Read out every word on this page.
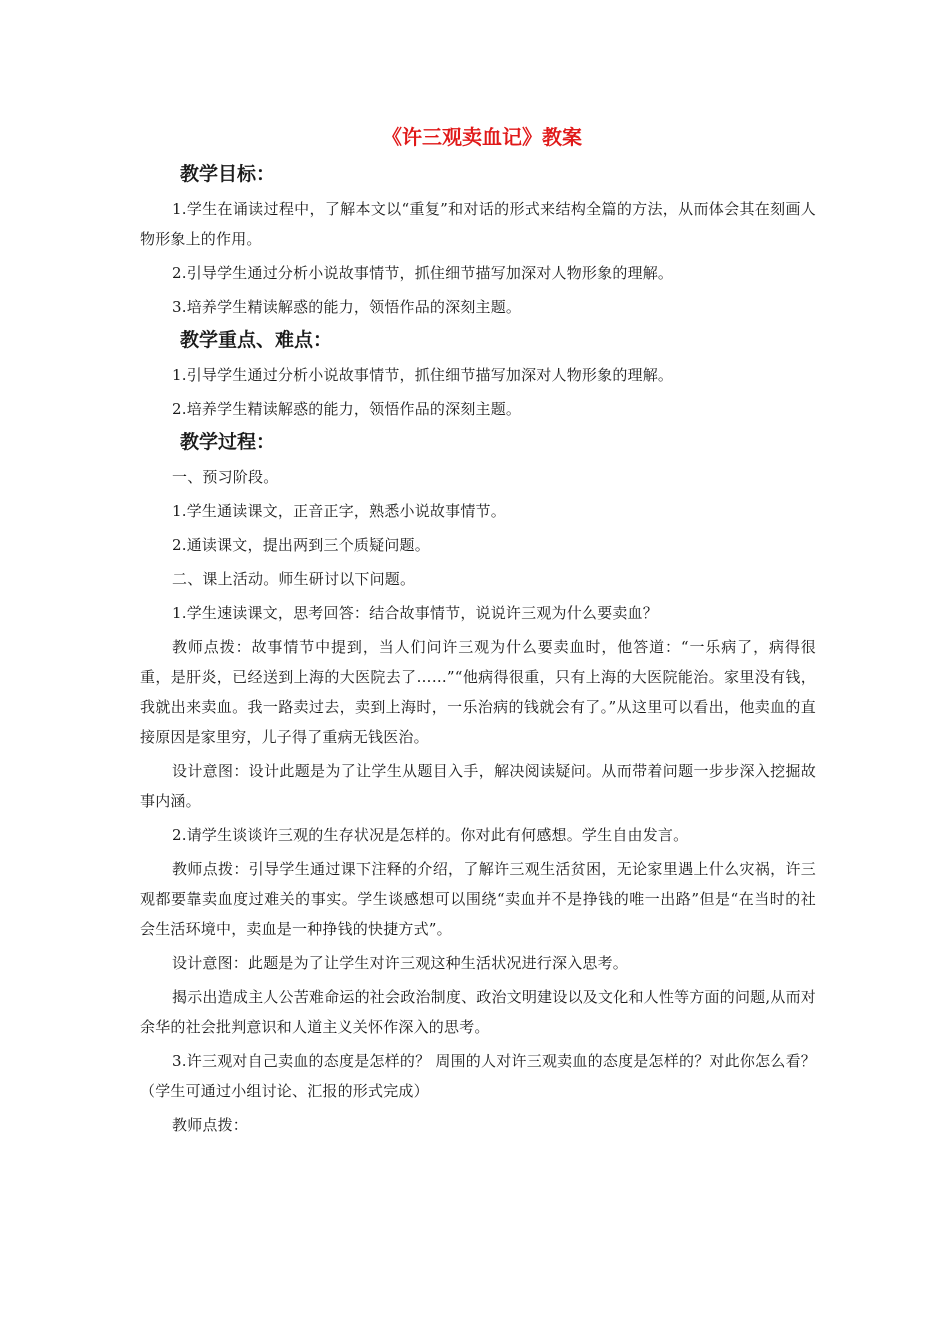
《许三观卖血记》教案
教学目标：

1.学生在诵读过程中，了解本文以“重复”和对话的形式来结构全篇的方法，从而体会其在刻画人物形象上的作用。

2.引导学生通过分析小说故事情节，抓住细节描写加深对人物形象的理解。

3.培养学生精读解惑的能力，领悟作品的深刻主题。

教学重点、难点：

1.引导学生通过分析小说故事情节，抓住细节描写加深对人物形象的理解。

2.培养学生精读解惑的能力，领悟作品的深刻主题。

教学过程：

一、预习阶段。

1.学生通读课文，正音正字，熟悉小说故事情节。

2.通读课文，提出两到三个质疑问题。

二、课上活动。师生研讨以下问题。

1.学生速读课文，思考回答：结合故事情节，说说许三观为什么要卖血？

教师点拨：故事情节中提到，当人们问许三观为什么要卖血时，他答道：“一乐病了，病得很重，是肝炎，已经送到上海的大医院去了……”“他病得很重，只有上海的大医院能治。家里没有钱，我就出来卖血。我一路卖过去，卖到上海时，一乐治病的钱就会有了。”从这里可以看出，他卖血的直接原因是家里穷，儿子得了重病无钱医治。

设计意图：设计此题是为了让学生从题目入手，解决阅读疑问。从而带着问题一步步深入挖掘故事内涵。

2.请学生谈谈许三观的生存状况是怎样的。你对此有何感想。学生自由发言。

教师点拨：引导学生通过课下注释的介绍，了解许三观生活贫困，无论家里遇上什么灾祸，许三观都要靠卖血度过难关的事实。学生谈感想可以围绕“卖血并不是挣钱的唯一出路”但是“在当时的社会生活环境中，卖血是一种挣钱的快捷方式”。

设计意图：此题是为了让学生对许三观这种生活状况进行深入思考。

揭示出造成主人公苦难命运的社会政治制度、政治文明建设以及文化和人性等方面的问题,从而对余华的社会批判意识和人道主义关怀作深入的思考。

3.许三观对自己卖血的态度是怎样的？ 周围的人对许三观卖血的态度是怎样的？对此你怎么看？（学生可通过小组讨论、汇报的形式完成）

教师点拨：
